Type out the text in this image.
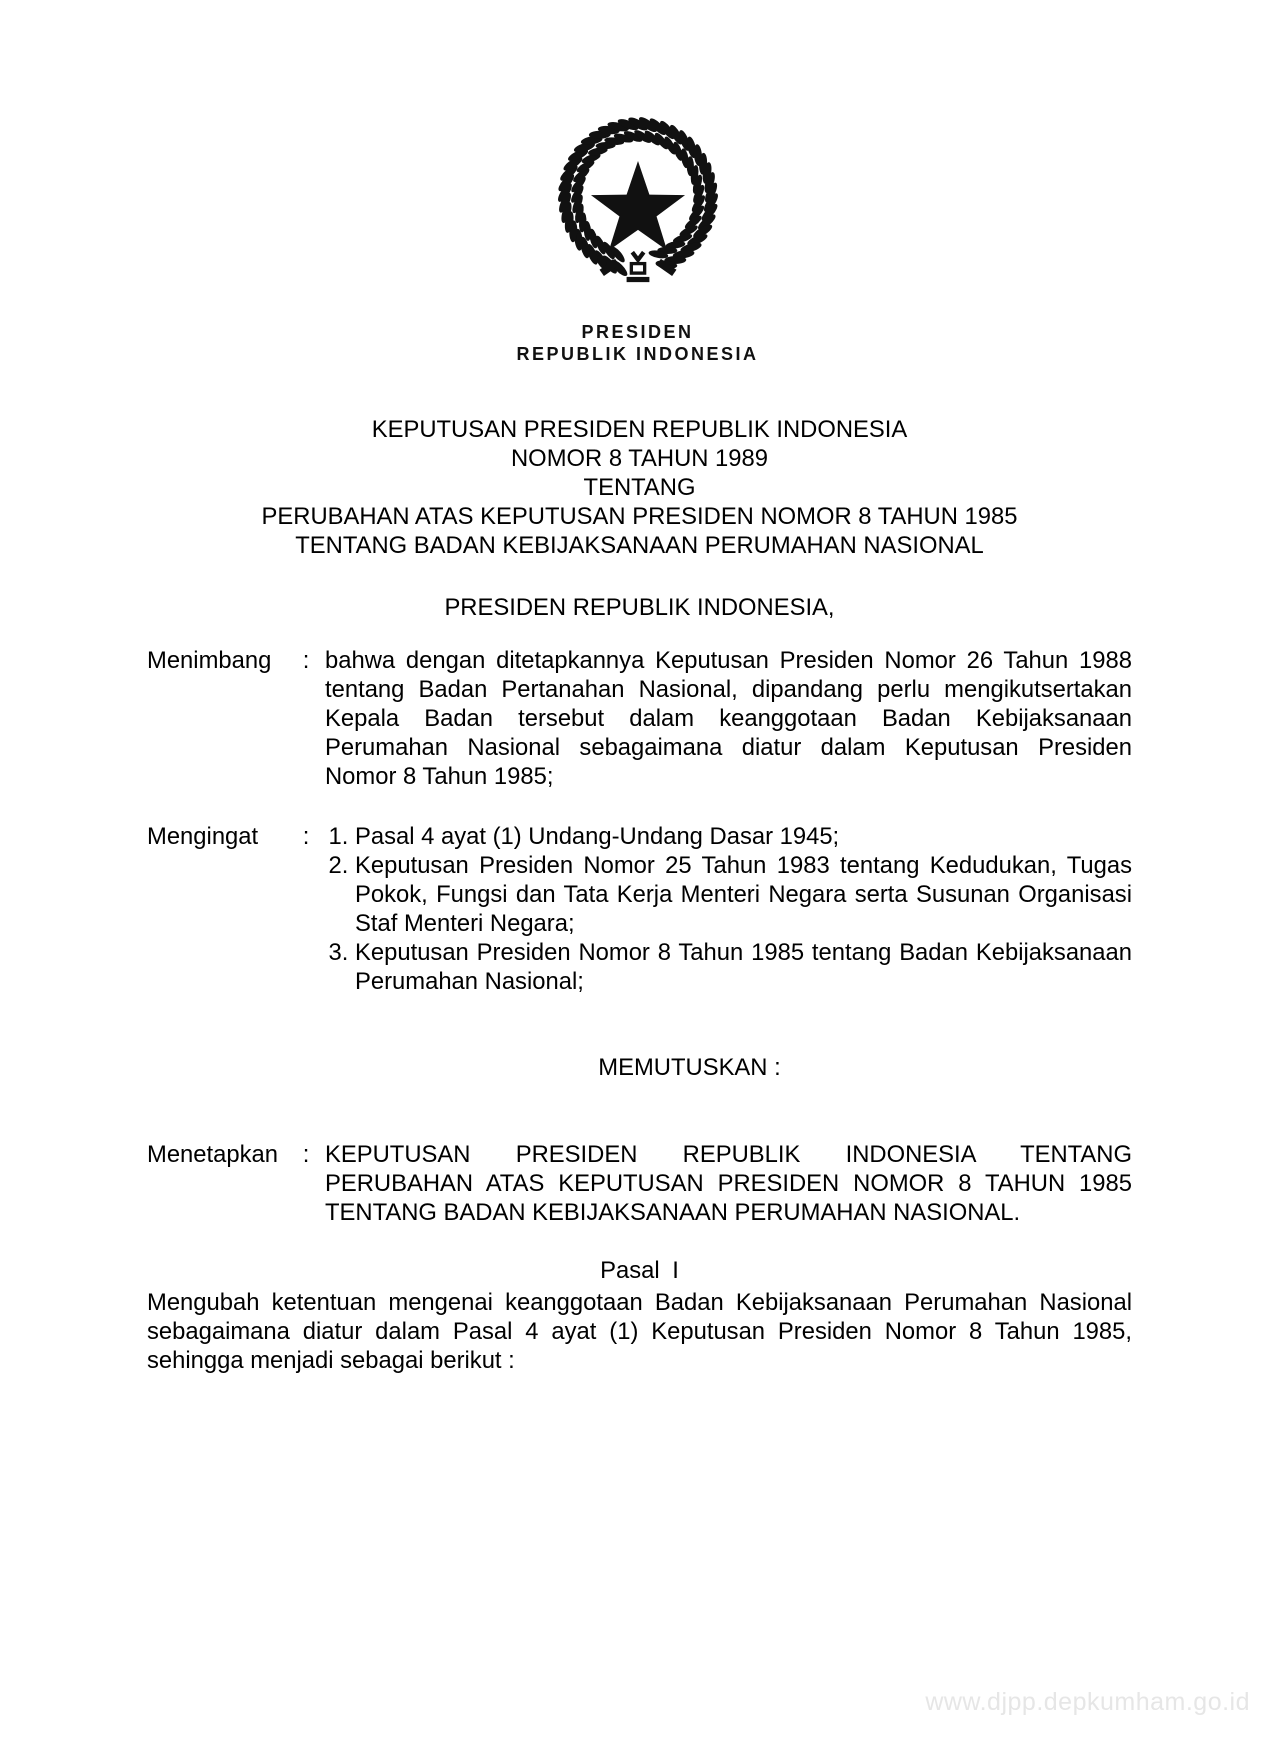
PRESIDEN
REPUBLIK INDONESIA
KEPUTUSAN PRESIDEN REPUBLIK INDONESIA
NOMOR 8 TAHUN 1989
TENTANG
PERUBAHAN ATAS KEPUTUSAN PRESIDEN NOMOR 8 TAHUN 1985
TENTANG BADAN KEBIJAKSANAAN PERUMAHAN NASIONAL
PRESIDEN REPUBLIK INDONESIA,
Menimbang	: bahwa dengan ditetapkannya Keputusan Presiden Nomor 26 Tahun 1988 tentang Badan Pertanahan Nasional, dipandang perlu mengikutsertakan Kepala Badan tersebut dalam keanggotaan Badan Kebijaksanaan Perumahan Nasional sebagaimana diatur dalam Keputusan Presiden Nomor 8 Tahun 1985;
Mengingat	:	1. Pasal 4 ayat (1) Undang-Undang Dasar 1945;
2. Keputusan Presiden Nomor 25 Tahun 1983 tentang Kedudukan, Tugas Pokok, Fungsi dan Tata Kerja Menteri Negara serta Susunan Organisasi Staf Menteri Negara;
3. Keputusan Presiden Nomor 8 Tahun 1985 tentang Badan Kebijaksanaan Perumahan Nasional;
MEMUTUSKAN :
Menetapkan	: KEPUTUSAN PRESIDEN REPUBLIK INDONESIA TENTANG PERUBAHAN ATAS KEPUTUSAN PRESIDEN NOMOR 8 TAHUN 1985 TENTANG BADAN KEBIJAKSANAAN PERUMAHAN NASIONAL.
Pasal I
Mengubah ketentuan mengenai keanggotaan Badan Kebijaksanaan Perumahan Nasional sebagaimana diatur dalam Pasal 4 ayat (1) Keputusan Presiden Nomor 8 Tahun 1985, sehingga menjadi sebagai berikut :
www.djpp.depkumham.go.id
